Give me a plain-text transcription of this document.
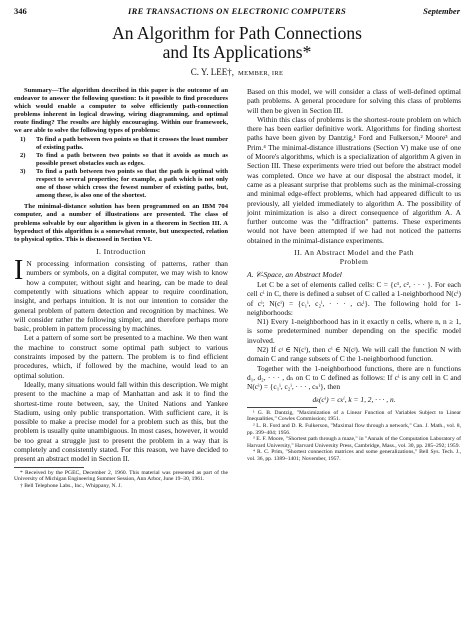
346	IRE TRANSACTIONS ON ELECTRONIC COMPUTERS	September
An Algorithm for Path Connections
and Its Applications*
C. Y. LEE†, MEMBER, IRE

Summary—The algorithm described in this paper is the outcome of an endeavor to answer the following question: Is it possible to find procedures which would enable a computer to solve efficiently path-connection problems inherent in logical drawing, wiring diagramming, and optimal route finding? The results are highly encouraging. Within our framework, we are able to solve the following types of problems:

1) To find a path between two points so that it crosses the least number of existing paths.
2) To find a path between two points so that it avoids as much as possible preset obstacles such as edges.
3) To find a path between two points so that the path is optimal with respect to several properties; for example, a path which is not only one of those which cross the fewest number of existing paths, but, among these, is also one of the shortest.

The minimal-distance solution has been programmed on an IBM 704 computer, and a number of illustrations are presented. The class of problems solvable by our algorithm is given in a theorem in Section III. A byproduct of this algorithm is a somewhat remote, but unexpected, relation to physical optics. This is discussed in Section VI.

I. Introduction
I N processing information consisting of patterns, rather than numbers or symbols, on a digital computer, we may wish to know how a computer, without sight and hearing, can be made to deal competently with situations which appear to require coordination, insight, and perhaps intuition. It is not our intention to consider the general problem of pattern detection and recognition by machines. We will consider rather the following simpler, and therefore perhaps more basic, problem in pattern processing by machines.

Let a pattern of some sort be presented to a machine. We then want the machine to construct some optimal path subject to various constraints imposed by the pattern. The problem is to find efficient procedures, which, if followed by the machine, would lead to an optimal solution.

Ideally, many situations would fall within this description. We might present to the machine a map of Manhattan and ask it to find the shortest-time route between, say, the United Nations and Yankee Stadium, using only public transportation. With sufficient care, it is possible to make a precise model for a problem such as this, but the problem is usually quite unambiguous. In most cases, however, it would be too great a struggle just to present the problem in a way that is completely and consistently stated. For this reason, we have decided to present an abstract model in Section II.

* Received by the PGEC, December 2, 1960. This material was presented as part of the University of Michigan Engineering Summer Session, Ann Arbor, June 19–30, 1961.

† Bell Telephone Labs., Inc., Whippany, N. J.

Based on this model, we will consider a class of well-defined optimal path problems. A general procedure for solving this class of problems will then be given in Section III.

Within this class of problems is the shortest-route problem on which there has been earlier definitive work. Algorithms for finding shortest paths have been given by Dantzig,¹ Ford and Fulkerson,² Moore³ and Prim.⁴ The minimal-distance illustrations (Section V) make use of one of Moore's algorithms, which is a specialization of algorithm A given in Section III. These experiments were tried out before the abstract model was completed. Once we have at our disposal the abstract model, it came as a pleasant surprise that problems such as the minimal-crossing and minimal edge-effect problems, which had appeared difficult to us previously, all yielded immediately to algorithm A. The possibility of joint minimization is also a direct consequence of algorithm A. A further outcome was the "diffraction" patterns. These experiments would not have been attempted if we had not noticed the patterns obtained in the minimal-distance experiments.

II. An Abstract Model and the Path
Problem
A. 𝒞-Space, an Abstract Model

Let C be a set of elements called cells: C = {c¹, c², · · · }. For each cell cⁱ in C, there is defined a subset of C called a 1-neighborhood N(cⁱ) of cⁱ; N(cⁱ) = {c₁ⁱ, c₂ⁱ, · · · , cₖⁱ}. The following hold for 1-neighborhoods:

N1) Every 1-neighborhood has in it exactly n cells, where n, n ≥ 1, is some predetermined number depending on the specific model involved.

N2) If cʲ ∈ N(cⁱ), then cⁱ ∈ N(cʲ). We will call the function N with domain C and range subsets of C the 1-neighborhood function.

Together with the 1-neighborhood functions, there are n functions d₁, d₂, · · · , dₙ on C to C defined as follows: If cⁱ is any cell in C and N(cⁱ) = {c₁ⁱ, c₂ⁱ, · · · , cₙⁱ}, then

dₖ(cⁱ) = cₖⁱ, k = 1, 2, · · · , n.

¹ G. B. Dantzig, "Maximization of a Linear Function of Variables Subject to Linear Inequalities," Cowles Commission; 1951.

² L. R. Ford and D. R. Fulkerson, "Maximal flow through a network," Can. J. Math., vol. 8, pp. 399–404; 1956.

³ E. F. Moore, "Shortest path through a maze," in "Annals of the Computation Laboratory of Harvard University," Harvard University Press, Cambridge, Mass., vol. 30, pp. 285–292; 1959.

⁴ R. C. Prim, "Shortest connection matrices and some generalizations," Bell Sys. Tech. J., vol. 36, pp. 1389–1401; November, 1957.
